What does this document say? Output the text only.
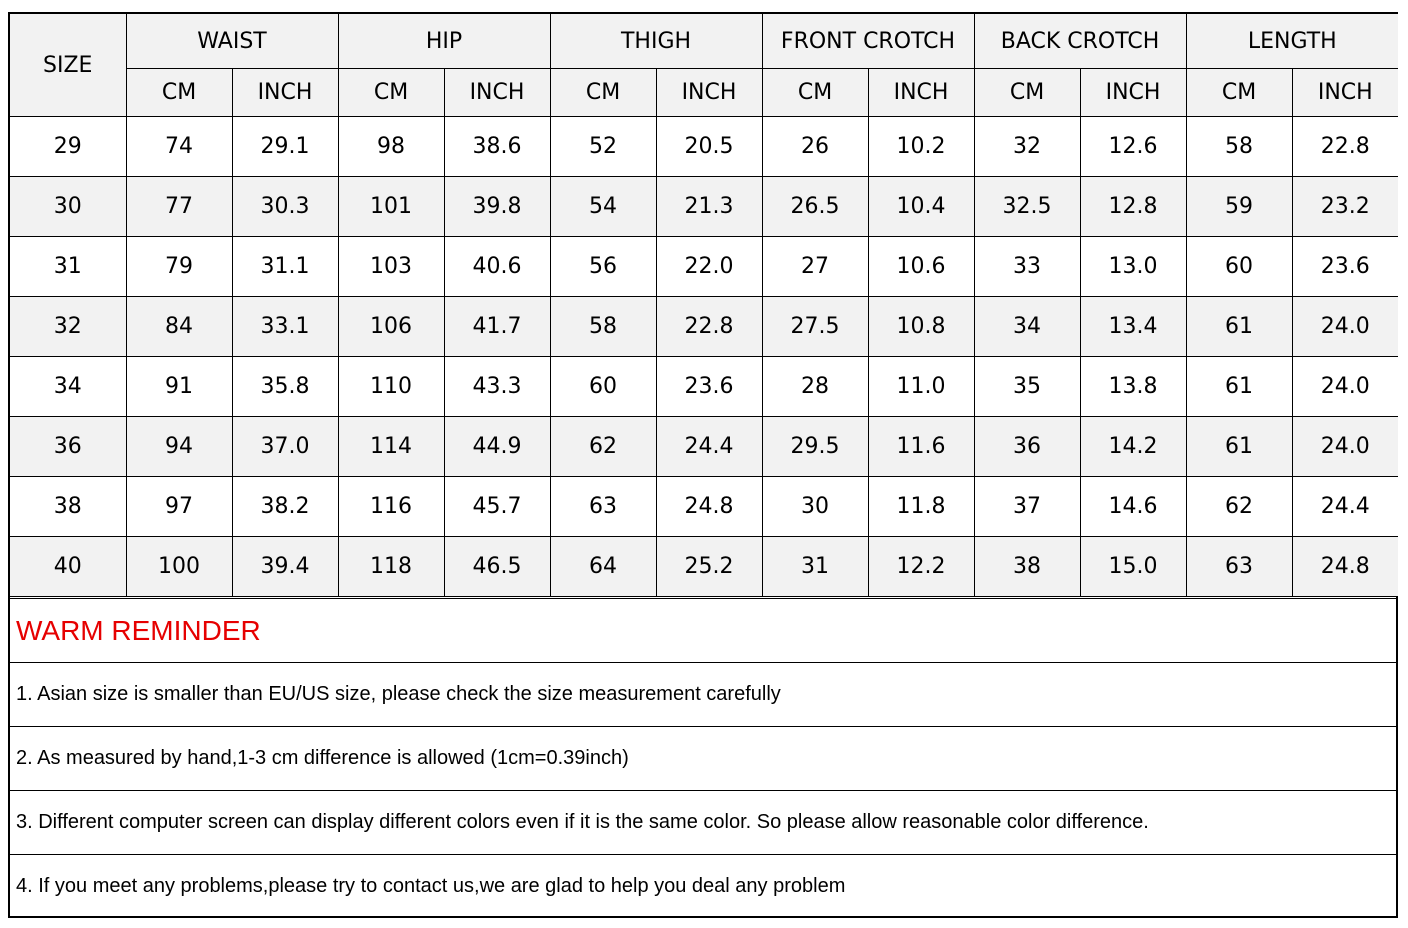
SIZE	WAIST		HIP		THIGH		FRONT CROTCH		BACK CROTCH		LENGTH	
	CM	INCH	CM	INCH	CM	INCH	CM	INCH	CM	INCH	CM	INCH
29	74	29.1	98	38.6	52	20.5	26	10.2	32	12.6	58	22.8
30	77	30.3	101	39.8	54	21.3	26.5	10.4	32.5	12.8	59	23.2
31	79	31.1	103	40.6	56	22.0	27	10.6	33	13.0	60	23.6
32	84	33.1	106	41.7	58	22.8	27.5	10.8	34	13.4	61	24.0
34	91	35.8	110	43.3	60	23.6	28	11.0	35	13.8	61	24.0
36	94	37.0	114	44.9	62	24.4	29.5	11.6	36	14.2	61	24.0
38	97	38.2	116	45.7	63	24.8	30	11.8	37	14.6	62	24.4
40	100	39.4	118	46.5	64	25.2	31	12.2	38	15.0	63	24.8
WARM REMINDER
1. Asian size is smaller than EU/US size, please check the size measurement carefully
2. As measured by hand,1-3 cm difference is allowed (1cm=0.39inch)
3. Different computer screen can display different colors even if it is the same color. So please allow reasonable color difference.
4. If you meet any problems,please try to contact us,we are glad to help you deal any problem
